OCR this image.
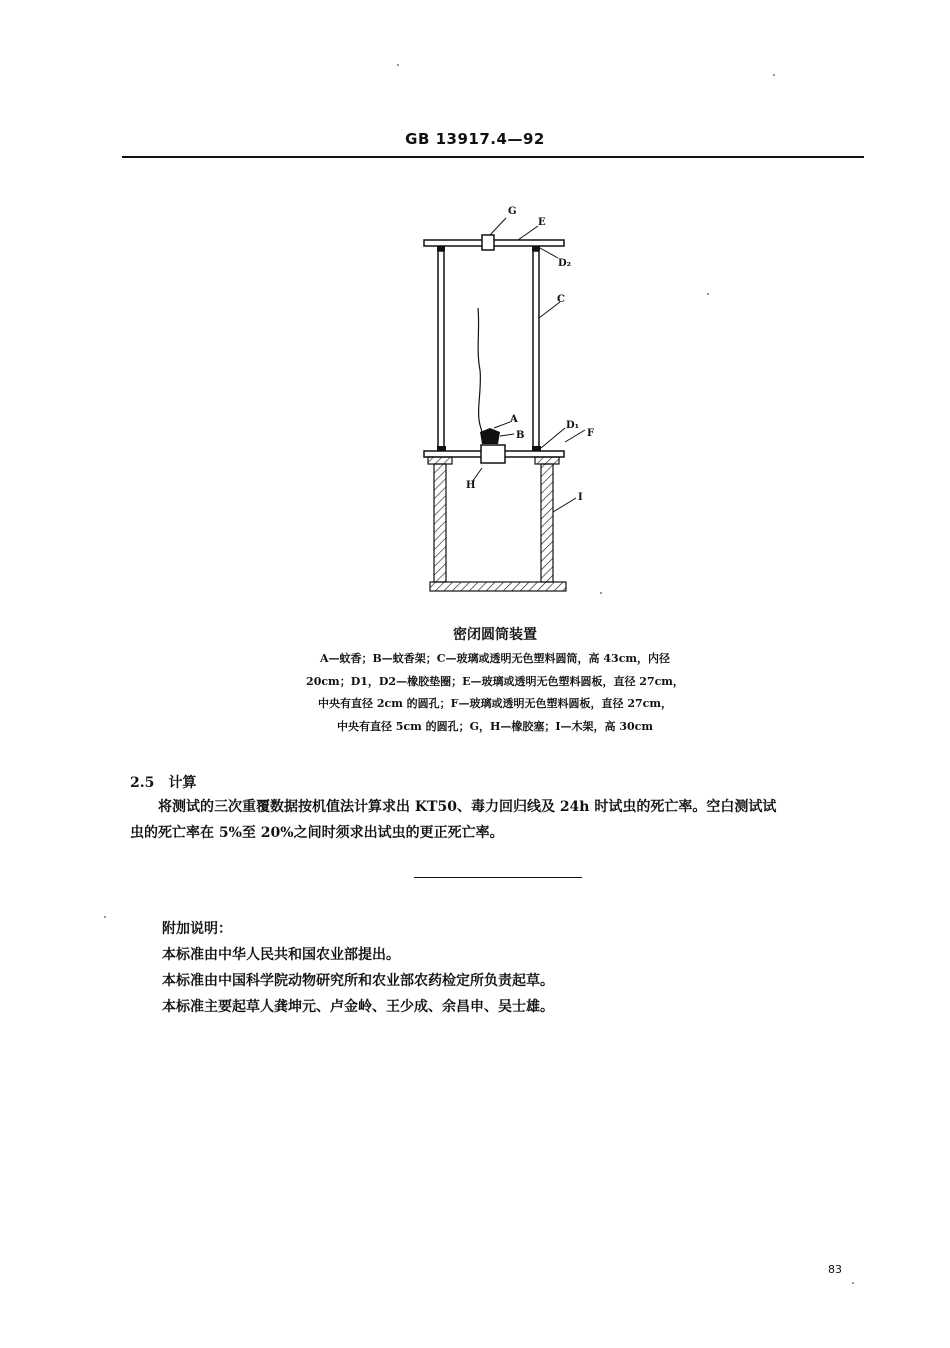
GB 13917.4—92
G
E
D₂
C
A
B
D₁
F
H
I
密闭圆筒装置
A—蚊香；B—蚊香架；C—玻璃或透明无色塑料圆筒，高 43cm，内径
20cm；D1，D2—橡胶垫圈；E—玻璃或透明无色塑料圆板，直径 27cm，
中央有直径 2cm 的圆孔；F—玻璃或透明无色塑料圆板，直径 27cm，
中央有直径 5cm 的圆孔；G，H—橡胶塞；I—木架，高 30cm
2.5　计算
　　将测试的三次重覆数据按机值法计算求出 KT50、毒力回归线及 24h 时试虫的死亡率。空白测试试
虫的死亡率在 5%至 20%之间时须求出试虫的更正死亡率。
附加说明：
本标准由中华人民共和国农业部提出。
本标准由中国科学院动物研究所和农业部农药检定所负责起草。
本标准主要起草人龚坤元、卢金岭、王少成、余昌申、吴士雄。
83
